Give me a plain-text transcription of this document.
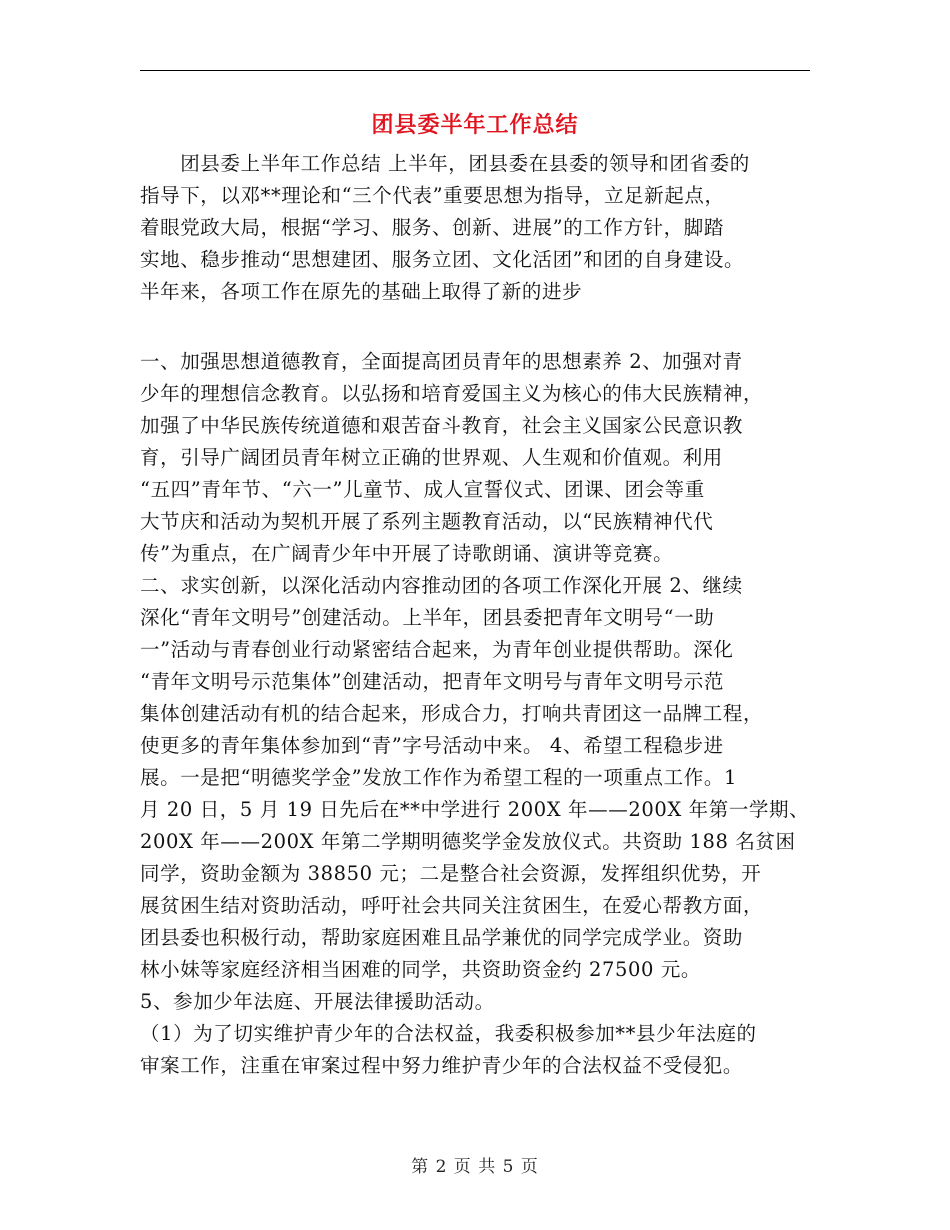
团县委半年工作总结
　　团县委上半年工作总结 上半年，团县委在县委的领导和团省委的
指导下，以邓**理论和“三个代表”重要思想为指导，立足新起点，
着眼党政大局，根据“学习、服务、创新、进展”的工作方针，脚踏
实地、稳步推动“思想建团、服务立团、文化活团”和团的自身建设。
半年来，各项工作在原先的基础上取得了新的进步
一、加强思想道德教育，全面提高团员青年的思想素养 2、加强对青
少年的理想信念教育。以弘扬和培育爱国主义为核心的伟大民族精神，
加强了中华民族传统道德和艰苦奋斗教育，社会主义国家公民意识教
育，引导广阔团员青年树立正确的世界观、人生观和价值观。利用
“五四”青年节、“六一”儿童节、成人宣誓仪式、团课、团会等重
大节庆和活动为契机开展了系列主题教育活动，以“民族精神代代
传”为重点，在广阔青少年中开展了诗歌朗诵、演讲等竞赛。
二、求实创新，以深化活动内容推动团的各项工作深化开展 2、继续
深化“青年文明号”创建活动。上半年，团县委把青年文明号“一助
一”活动与青春创业行动紧密结合起来，为青年创业提供帮助。深化
“青年文明号示范集体”创建活动，把青年文明号与青年文明号示范
集体创建活动有机的结合起来，形成合力，打响共青团这一品牌工程，
使更多的青年集体参加到“青”字号活动中来。 4、希望工程稳步进
展。一是把“明德奖学金”发放工作作为希望工程的一项重点工作。1
月 20 日，5 月 19 日先后在**中学进行 200X 年——200X 年第一学期、
200X 年——200X 年第二学期明德奖学金发放仪式。共资助 188 名贫困
同学，资助金额为 38850 元；二是整合社会资源，发挥组织优势，开
展贫困生结对资助活动，呼吁社会共同关注贫困生，在爱心帮教方面，
团县委也积极行动，帮助家庭困难且品学兼优的同学完成学业。资助
林小妹等家庭经济相当困难的同学，共资助资金约 27500 元。
5、参加少年法庭、开展法律援助活动。
（1）为了切实维护青少年的合法权益，我委积极参加**县少年法庭的
审案工作，注重在审案过程中努力维护青少年的合法权益不受侵犯。
第 2 页 共 5 页
